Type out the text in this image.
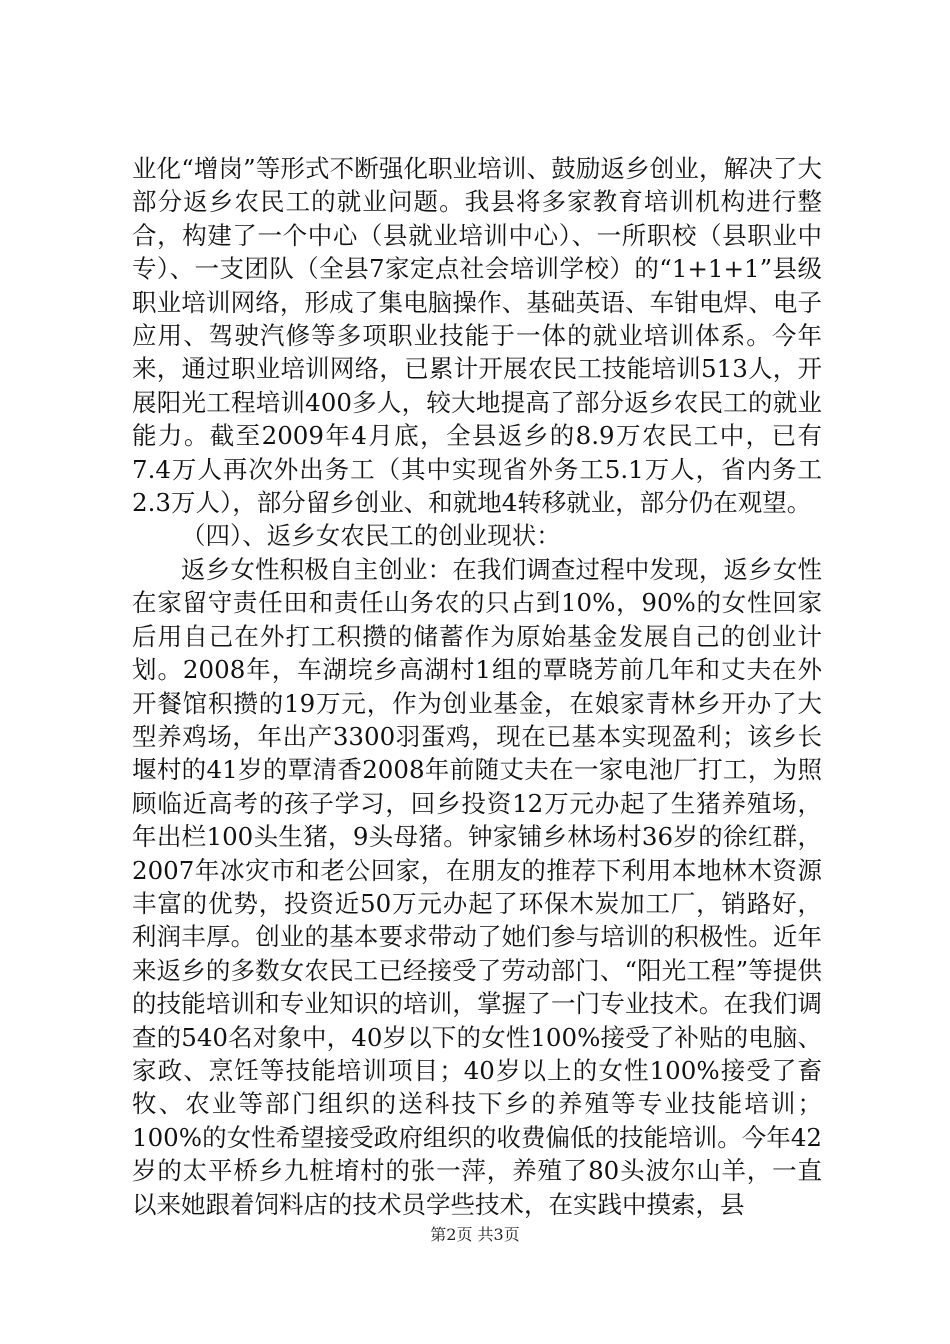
业化“增岗”等形式不断强化职业培训、鼓励返乡创业，解决了大部分返乡农民工的就业问题。我县将多家教育培训机构进行整合，构建了一个中心（县就业培训中心）、一所职校（县职业中专）、一支团队（全县7家定点社会培训学校）的“1+1+1”县级职业培训网络，形成了集电脑操作、基础英语、车钳电焊、电子应用、驾驶汽修等多项职业技能于一体的就业培训体系。今年来，通过职业培训网络，已累计开展农民工技能培训513人，开展阳光工程培训400多人，较大地提高了部分返乡农民工的就业能力。截至2009年4月底，全县返乡的8.9万农民工中，已有7.4万人再次外出务工（其中实现省外务工5.1万人，省内务工2.3万人），部分留乡创业、和就地4转移就业，部分仍在观望。

（四）、返乡女农民工的创业现状：

返乡女性积极自主创业：在我们调查过程中发现，返乡女性在家留守责任田和责任山务农的只占到10%，90%的女性回家后用自己在外打工积攒的储蓄作为原始基金发展自己的创业计划。2008年，车湖垸乡高湖村1组的覃晓芳前几年和丈夫在外开餐馆积攒的19万元，作为创业基金，在娘家青林乡开办了大型养鸡场，年出产3300羽蛋鸡，现在已基本实现盈利；该乡长堰村的41岁的覃清香2008年前随丈夫在一家电池厂打工，为照顾临近高考的孩子学习，回乡投资12万元办起了生猪养殖场，年出栏100头生猪，9头母猪。钟家铺乡林场村36岁的徐红群，2007年冰灾市和老公回家，在朋友的推荐下利用本地林木资源丰富的优势，投资近50万元办起了环保木炭加工厂，销路好，利润丰厚。创业的基本要求带动了她们参与培训的积极性。近年来返乡的多数女农民工已经接受了劳动部门、“阳光工程”等提供的技能培训和专业知识的培训，掌握了一门专业技术。在我们调查的540名对象中，40岁以下的女性100%接受了补贴的电脑、家政、烹饪等技能培训项目；40岁以上的女性100%接受了畜牧、农业等部门组织的送科技下乡的养殖等专业技能培训；100%的女性希望接受政府组织的收费偏低的技能培训。今年42岁的太平桥乡九桩堉村的张一萍，养殖了80头波尔山羊，一直以来她跟着饲料店的技术员学些技术，在实践中摸索，县

第2页 共3页
